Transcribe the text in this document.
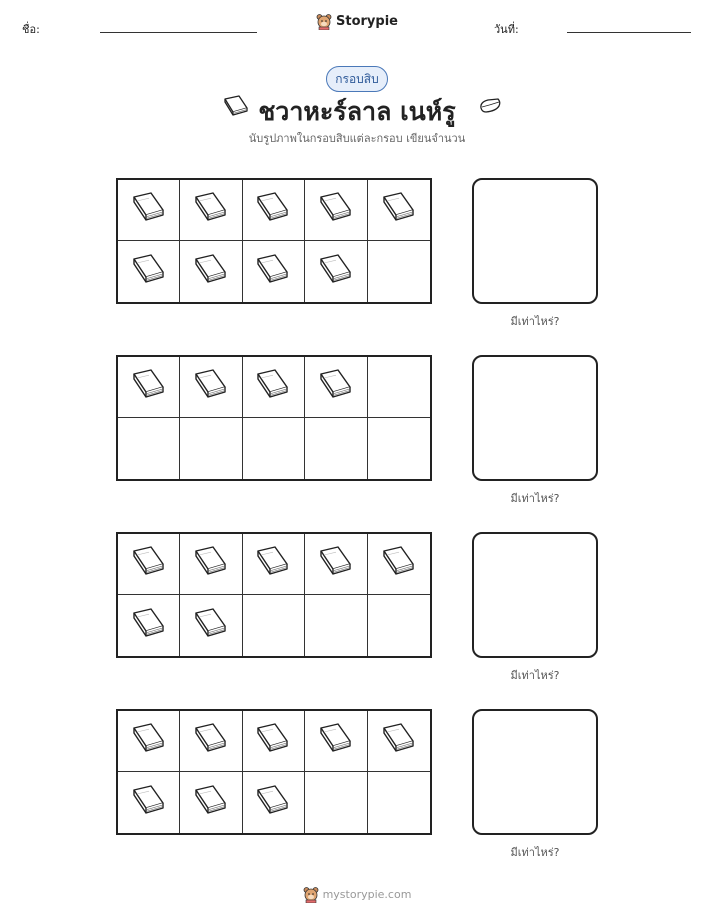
ชื่อ:
Storypie
วันที่:
กรอบสิบ
ชวาหะร์ลาล เนห์รู
นับรูปภาพในกรอบสิบแต่ละกรอบ เขียนจำนวน
มีเท่าไหร่?
มีเท่าไหร่?
มีเท่าไหร่?
มีเท่าไหร่?
mystorypie.com
